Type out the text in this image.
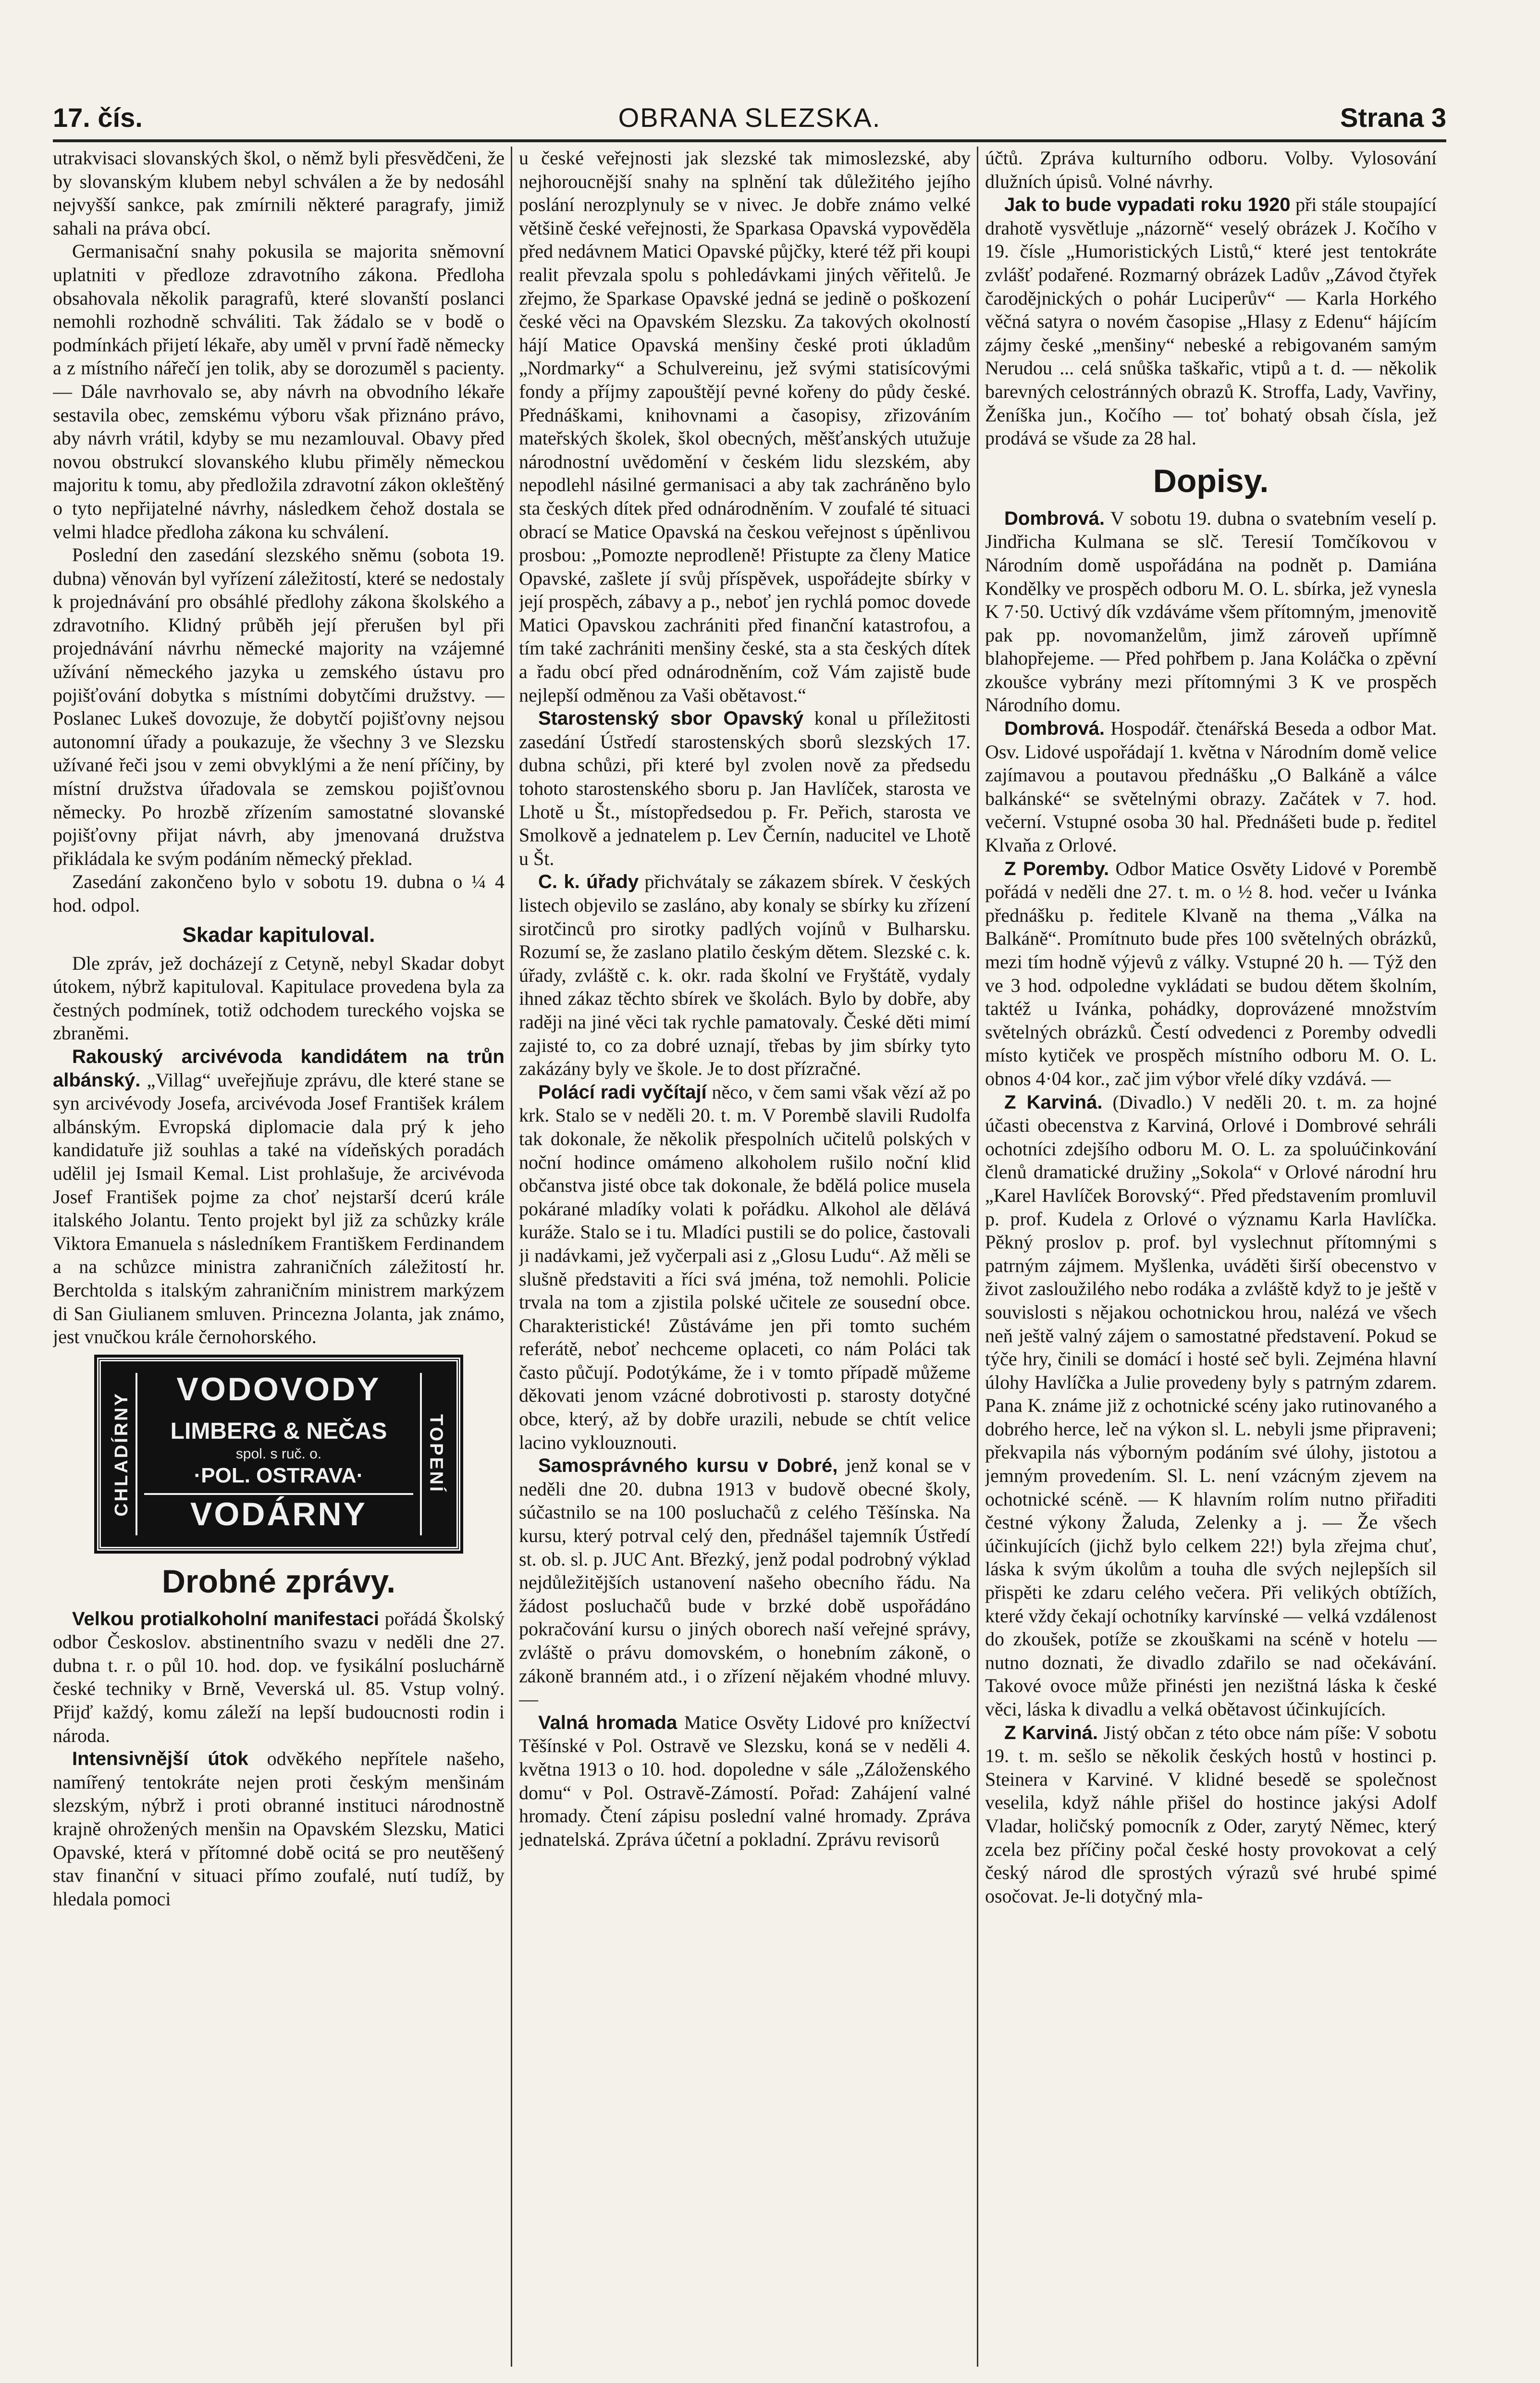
17. čís.	OBRANA SLEZSKA.	Strana 3

utrakvisaci slovanských škol, o němž byli přesvědčeni, že by slovanským klubem nebyl schválen a že by nedosáhl nejvyšší sankce, pak zmírnili některé paragrafy, jimiž sahali na práva obcí.

Germanisační snahy pokusila se majorita sněmovní uplatniti v předloze zdravotního zákona. Předloha obsahovala několik paragrafů, které slovanští poslanci nemohli rozhodně schváliti. Tak žádalo se v bodě o podmínkách přijetí lékaře, aby uměl v první řadě německy a z místního nářečí jen tolik, aby se dorozuměl s pacienty. — Dále navrhovalo se, aby návrh na obvodního lékaře sestavila obec, zemskému výboru však přiznáno právo, aby návrh vrátil, kdyby se mu nezamlouval. Obavy před novou obstrukcí slovanského klubu přiměly německou majoritu k tomu, aby předložila zdravotní zákon okleštěný o tyto nepřijatelné návrhy, následkem čehož dostala se velmi hladce předloha zákona ku schválení.

Poslední den zasedání slezského sněmu (sobota 19. dubna) věnován byl vyřízení záležitostí, které se nedostaly k projednávání pro obsáhlé předlohy zákona školského a zdravotního. Klidný průběh její přerušen byl při projednávání návrhu německé majority na vzájemné užívání německého jazyka u zemského ústavu pro pojišťování dobytka s místními dobytčími družstvy. — Poslanec Lukeš dovozuje, že dobytčí pojišťovny nejsou autonomní úřady a poukazuje, že všechny 3 ve Slezsku užívané řeči jsou v zemi obvyklými a že není příčiny, by místní družstva úřadovala se zemskou pojišťovnou německy. Po hrozbě zřízením samostatné slovanské pojišťovny přijat návrh, aby jmenovaná družstva přikládala ke svým podáním německý překlad.

Zasedání zakončeno bylo v sobotu 19. dubna o ¼ 4 hod. odpol.

Skadar kapituloval.

Dle zpráv, jež docházejí z Cetyně, nebyl Skadar dobyt útokem, nýbrž kapituloval. Kapitulace provedena byla za čestných podmínek, totiž odchodem tureckého vojska se zbraněmi.

Rakouský arcivévoda kandidátem na trůn albánský. „Villag“ uveřejňuje zprávu, dle které stane se syn arcivévody Josefa, arcivévoda Josef František králem albánským. Evropská diplomacie dala prý k jeho kandidatuře již souhlas a také na vídeňských poradách udělil jej Ismail Kemal. List prohlašuje, že arcivévoda Josef František pojme za choť nejstarší dcerú krále italského Jolantu. Tento projekt byl již za schůzky krále Viktora Emanuela s následníkem Františkem Ferdinandem a na schůzce ministra zahraničních záležitostí hr. Berchtolda s italským zahraničním ministrem markýzem di San Giulianem smluven. Princezna Jolanta, jak známo, jest vnučkou krále černohorského.

CHLADÍRNY	TOPENÍ
VODOVODY
LIMBERG & NEČAS
spol. s ruč. o.
·POL. OSTRAVA·
VODÁRNY
Drobné zprávy.

Velkou protialkoholní manifestaci pořádá Školský odbor Českoslov. abstinentního svazu v neděli dne 27. dubna t. r. o půl 10. hod. dop. ve fysikální posluchárně české techniky v Brně, Veverská ul. 85. Vstup volný. Přijď každý, komu záleží na lepší budoucnosti rodin i národa.

Intensivnější útok odvěkého nepřítele našeho, namířený tentokráte nejen proti českým menšinám slezským, nýbrž i proti obranné instituci národnostně krajně ohrožených menšin na Opavském Slezsku, Matici Opavské, která v přítomné době ocitá se pro neutěšený stav finanční v situaci přímo zoufalé, nutí tudíž, by hledala pomoci

u české veřejnosti jak slezské tak mimoslezské, aby nejhoroucnější snahy na splnění tak důležitého jejího poslání nerozplynuly se v nivec. Je dobře známo velké většině české veřejnosti, že Sparkasa Opavská vypověděla před nedávnem Matici Opavské půjčky, které též při koupi realit převzala spolu s pohledávkami jiných věřitelů. Je zřejmo, že Sparkase Opavské jedná se jedině o poškození české věci na Opavském Slezsku. Za takových okolností hájí Matice Opavská menšiny české proti úkladům „Nordmarky“ a Schulvereinu, jež svými statisícovými fondy a příjmy zapouštějí pevné kořeny do půdy české. Přednáškami, knihovnami a časopisy, zřizováním mateřských školek, škol obecných, měšťanských utužuje národnostní uvědomění v českém lidu slezském, aby nepodlehl násilné germanisaci a aby tak zachráněno bylo sta českých dítek před odnárodněním. V zoufalé té situaci obrací se Matice Opavská na českou veřejnost s úpěnlivou prosbou: „Pomozte neprodleně! Přistupte za členy Matice Opavské, zašlete jí svůj příspěvek, uspořádejte sbírky v její prospěch, zábavy a p., neboť jen rychlá pomoc dovede Matici Opavskou zachrániti před finanční katastrofou, a tím také zachrániti menšiny české, sta a sta českých dítek a řadu obcí před odnárodněním, což Vám zajistě bude nejlepší odměnou za Vaši obětavost.“

Starostenský sbor Opavský konal u příležitosti zasedání Ústředí starostenských sborů slezských 17. dubna schůzi, při které byl zvolen nově za předsedu tohoto starostenského sboru p. Jan Havlíček, starosta ve Lhotě u Št., místopředsedou p. Fr. Peřich, starosta ve Smolkově a jednatelem p. Lev Černín, naducitel ve Lhotě u Št.

C. k. úřady přichvátaly se zákazem sbírek. V českých listech objevilo se zasláno, aby konaly se sbírky ku zřízení sirotčinců pro sirotky padlých vojínů v Bulharsku. Rozumí se, že zaslano platilo českým dětem. Slezské c. k. úřady, zvláště c. k. okr. rada školní ve Fryštátě, vydaly ihned zákaz těchto sbírek ve školách. Bylo by dobře, aby raději na jiné věci tak rychle pamatovaly. České děti mimí zajisté to, co za dobré uznají, třebas by jim sbírky tyto zakázány byly ve škole. Je to dost přízračné.

Polácí radi vyčítají něco, v čem sami však vězí až po krk. Stalo se v neděli 20. t. m. V Porembě slavili Rudolfa tak dokonale, že několik přespolních učitelů polských v noční hodince omámeno alkoholem rušilo noční klid občanstva jisté obce tak dokonale, že bdělá police musela pokárané mladíky volati k pořádku. Alkohol ale dělává kuráže. Stalo se i tu. Mladíci pustili se do police, častovali ji nadávkami, jež vyčerpali asi z „Glosu Ludu“. Až měli se slušně představiti a říci svá jména, tož nemohli. Policie trvala na tom a zjistila polské učitele ze sousední obce. Charakteristické! Zůstáváme jen při tomto suchém referátě, neboť nechceme oplaceti, co nám Poláci tak často půčují. Podotýkáme, že i v tomto případě můžeme děkovati jenom vzácné dobrotivosti p. starosty dotyčné obce, který, až by dobře urazili, nebude se chtít velice lacino vyklouznouti.

Samosprávného kursu v Dobré, jenž konal se v neděli dne 20. dubna 1913 v budově obecné školy, súčastnilo se na 100 posluchačů z celého Těšínska. Na kursu, který potrval celý den, přednášel tajemník Ústředí st. ob. sl. p. JUC Ant. Březký, jenž podal podrobný výklad nejdůležitějších ustanovení našeho obecního řádu. Na žádost posluchačů bude v brzké době uspořádáno pokračování kursu o jiných oborech naší veřejné správy, zvláště o právu domovském, o honebním zákoně, o zákoně branném atd., i o zřízení nějakém vhodné mluvy. —

Valná hromada Matice Osvěty Lidové pro knížectví Těšínské v Pol. Ostravě ve Slezsku, koná se v neděli 4. května 1913 o 10. hod. dopoledne v sále „Záloženského domu“ v Pol. Ostravě-Zámostí. Pořad: Zahájení valné hromady. Čtení zápisu poslední valné hromady. Zpráva jednatelská. Zpráva účetní a pokladní. Zprávu revisorů

účtů. Zpráva kulturního odboru. Volby. Vylosování dlužních úpisů. Volné návrhy.

Jak to bude vypadati roku 1920 při stále stoupající drahotě vysvětluje „názorně“ veselý obrázek J. Kočího v 19. čísle „Humoristických Listů,“ které jest tentokráte zvlášť podařené. Rozmarný obrázek Ladův „Závod čtyřek čarodějnických o pohár Luciperův“ — Karla Horkého věčná satyra o novém časopise „Hlasy z Edenu“ hájícím zájmy české „menšiny“ nebeské a rebigovaném samým Nerudou ... celá snůška taškařic, vtipů a t. d. — několik barevných celostránných obrazů K. Stroffa, Lady, Vavřiny, Ženíška jun., Kočího — toť bohatý obsah čísla, jež prodává se všude za 28 hal.

Dopisy.

Dombrová. V sobotu 19. dubna o svatebním veselí p. Jindřicha Kulmana se slč. Teresií Tomčíkovou v Národním domě uspořádána na podnět p. Damiána Kondělky ve prospěch odboru M. O. L. sbírka, jež vynesla K 7·50. Uctivý dík vzdáváme všem přítomným, jmenovitě pak pp. novomanželům, jimž zároveň upřímně blahopřejeme. — Před pohřbem p. Jana Koláčka o zpěvní zkoušce vybrány mezi přítomnými 3 K ve prospěch Národního domu.

Dombrová. Hospodář. čtenářská Beseda a odbor Mat. Osv. Lidové uspořádají 1. května v Národním domě velice zajímavou a poutavou přednášku „O Balkáně a válce balkánské“ se světelnými obrazy. Začátek v 7. hod. večerní. Vstupné osoba 30 hal. Přednášeti bude p. ředitel Klvaňa z Orlové.

Z Poremby. Odbor Matice Osvěty Lidové v Porembě pořádá v neděli dne 27. t. m. o ½ 8. hod. večer u Ivánka přednášku p. ředitele Klvaně na thema „Válka na Balkáně“. Promítnuto bude přes 100 světelných obrázků, mezi tím hodně výjevů z války. Vstupné 20 h. — Týž den ve 3 hod. odpoledne vykládati se budou dětem školním, taktéž u Ivánka, pohádky, doprovázené množstvím světelných obrázků. Čestí odvedenci z Poremby odvedli místo kytiček ve prospěch místního odboru M. O. L. obnos 4·04 kor., zač jim výbor vřelé díky vzdává. —

Z Karviná. (Divadlo.) V neděli 20. t. m. za hojné účasti obecenstva z Karviná, Orlové i Dombrové sehráli ochotníci zdejšího odboru M. O. L. za spoluúčinkování členů dramatické družiny „Sokola“ v Orlové národní hru „Karel Havlíček Borovský“. Před představením promluvil p. prof. Kudela z Orlové o významu Karla Havlíčka. Pěkný proslov p. prof. byl vyslechnut přítomnými s patrným zájmem. Myšlenka, uváděti širší obecenstvo v život zasloužilého nebo rodáka a zvláště když to je ještě v souvislosti s nějakou ochotnickou hrou, nalézá ve všech neň ještě valný zájem o samostatné představení. Pokud se týče hry, činili se domácí i hosté seč byli. Zejména hlavní úlohy Havlíčka a Julie provedeny byly s patrným zdarem. Pana K. známe již z ochotnické scény jako rutinovaného a dobrého herce, leč na výkon sl. L. nebyli jsme připraveni; překvapila nás výborným podáním své úlohy, jistotou a jemným provedením. Sl. L. není vzácným zjevem na ochotnické scéně. — K hlavním rolím nutno přiřaditi čestné výkony Žaluda, Zelenky a j. — Že všech účinkujících (jichž bylo celkem 22!) byla zřejma chuť, láska k svým úkolům a touha dle svých nejlepších sil přispěti ke zdaru celého večera. Při velikých obtížích, které vždy čekají ochotníky karvínské — velká vzdálenost do zkoušek, potíže se zkouškami na scéně v hotelu — nutno doznati, že divadlo zdařilo se nad očekávání. Takové ovoce může přinésti jen nezištná láska k české věci, láska k divadlu a velká obětavost účinkujících.

Z Karviná. Jistý občan z této obce nám píše: V sobotu 19. t. m. sešlo se několik českých hostů v hostinci p. Steinera v Karviné. V klidné besedě se společnost veselila, když náhle přišel do hostince jakýsi Adolf Vladar, holičský pomocník z Oder, zarytý Němec, který zcela bez příčiny počal české hosty provokovat a celý český národ dle sprostých výrazů své hrubé spimé osočovat. Je-li dotyčný mla-
